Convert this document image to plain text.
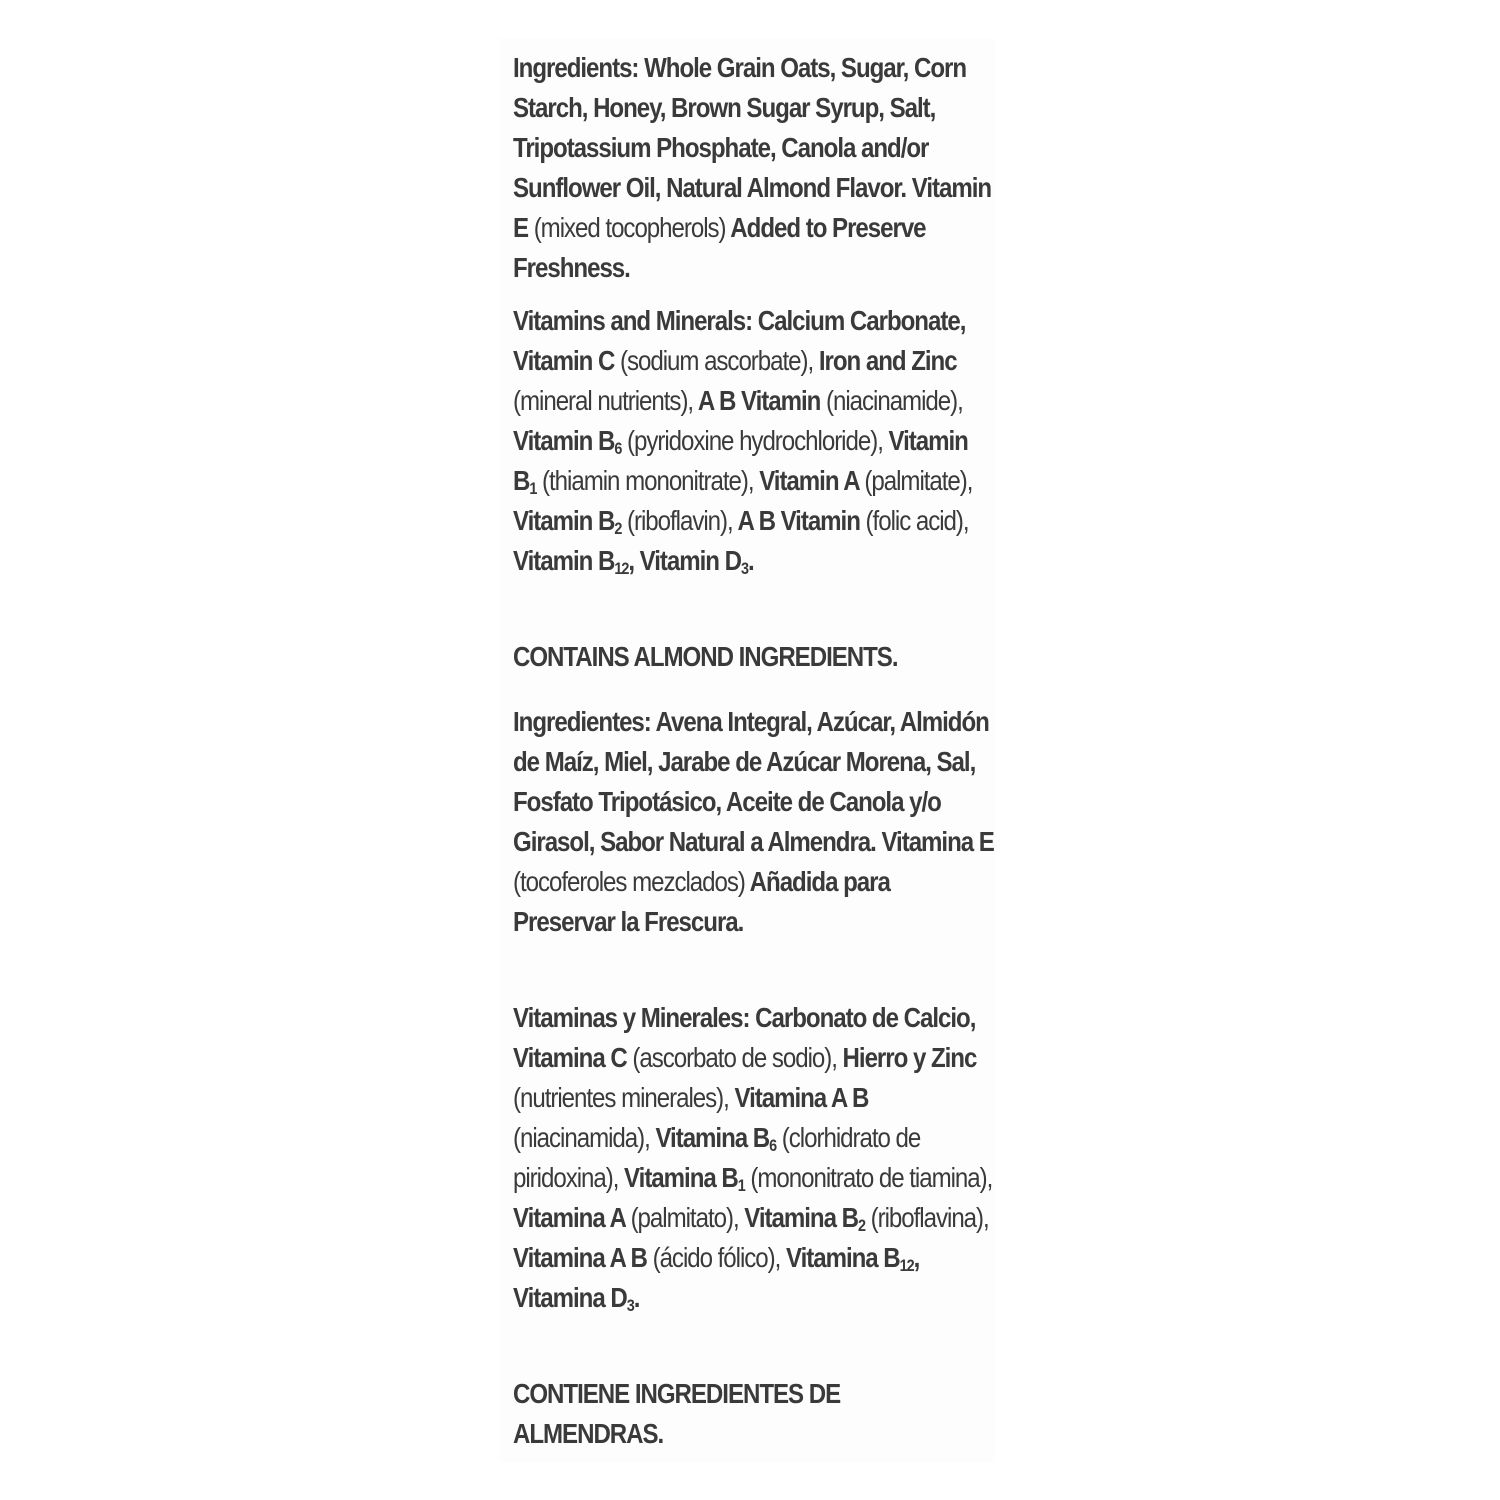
Ingredients: Whole Grain Oats, Sugar, Corn Starch, Honey, Brown Sugar Syrup, Salt, Tripotassium Phosphate, Canola and/or Sunflower Oil, Natural Almond Flavor. Vitamin E (mixed tocopherols) Added to Preserve Freshness.
Vitamins and Minerals: Calcium Carbonate, Vitamin C (sodium ascorbate), Iron and Zinc (mineral nutrients), A B Vitamin (niacinamide), Vitamin $B_6$ (pyridoxine hydrochloride), Vitamin $B_1$ (thiamin mononitrate), Vitamin A (palmitate), Vitamin $B_2$ (riboflavin), A B Vitamin (folic acid), Vitamin $B_{12}$, Vitamin $D_3$.
CONTAINS ALMOND INGREDIENTS.
Ingredientes: Avena Integral, Azúcar, Almidón de Maíz, Miel, Jarabe de Azúcar Morena, Sal, Fosfato Tripotásico, Aceite de Canola y/o Girasol, Sabor Natural a Almendra. Vitamina E (tocoferoles mezclados) Añadida para Preservar la Frescura.
Vitaminas y Minerales: Carbonato de Calcio, Vitamina C (ascorbato de sodio), Hierro y Zinc (nutrientes minerales), Vitamina A B (niacinamida), Vitamina $B_6$ (clorhidrato de piridoxina), Vitamina $B_1$ (mononitrato de tiamina), Vitamina A (palmitato), Vitamina $B_2$ (riboflavina), Vitamina A B (ácido fólico), Vitamina $B_{12}$, Vitamina $D_3$.
CONTIENE INGREDIENTES DE ALMENDRAS.
